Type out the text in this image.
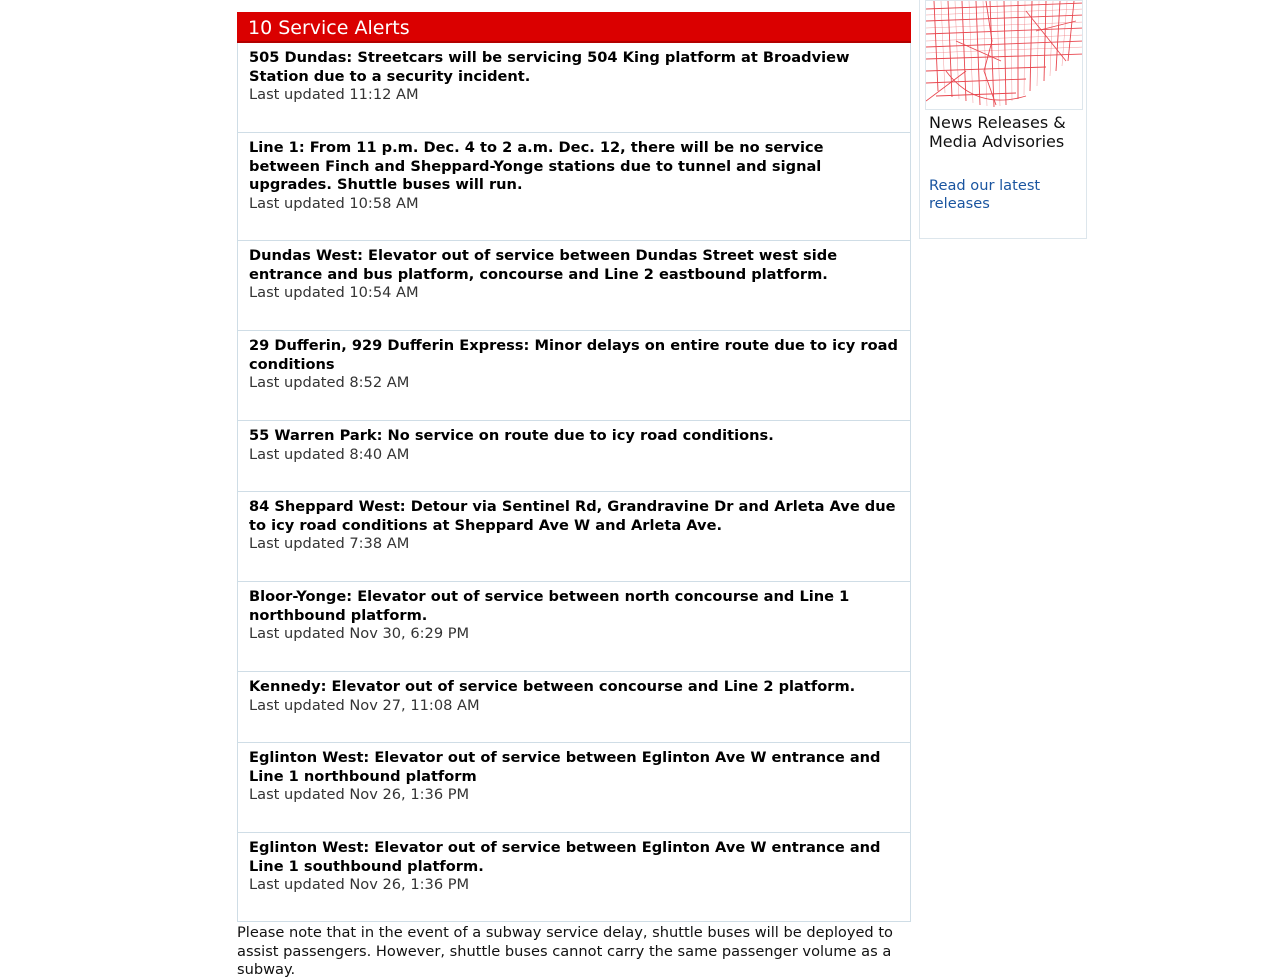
10 Service Alerts

505 Dundas: Streetcars will be servicing 504 King platform at Broadview Station due to a security incident.

Last updated 11:12 AM

Line 1: From 11 p.m. Dec. 4 to 2 a.m. Dec. 12, there will be no service between Finch and Sheppard-Yonge stations due to tunnel and signal upgrades. Shuttle buses will run.

Last updated 10:58 AM

Dundas West: Elevator out of service between Dundas Street west side entrance and bus platform, concourse and Line 2 eastbound platform.

Last updated 10:54 AM

29 Dufferin, 929 Dufferin Express: Minor delays on entire route due to icy road conditions

Last updated 8:52 AM

55 Warren Park: No service on route due to icy road conditions.

Last updated 8:40 AM

84 Sheppard West: Detour via Sentinel Rd, Grandravine Dr and Arleta Ave due to icy road conditions at Sheppard Ave W and Arleta Ave.

Last updated 7:38 AM

Bloor-Yonge: Elevator out of service between north concourse and Line 1 northbound platform.

Last updated Nov 30, 6:29 PM

Kennedy: Elevator out of service between concourse and Line 2 platform.

Last updated Nov 27, 11:08 AM

Eglinton West: Elevator out of service between Eglinton Ave W entrance and Line 1 northbound platform

Last updated Nov 26, 1:36 PM

Eglinton West: Elevator out of service between Eglinton Ave W entrance and Line 1 southbound platform.

Last updated Nov 26, 1:36 PM
Please note that in the event of a subway service delay, shuttle buses will be deployed to assist passengers. However, shuttle buses cannot carry the same passenger volume as a subway.
News Releases & Media Advisories
Read our latest releases
